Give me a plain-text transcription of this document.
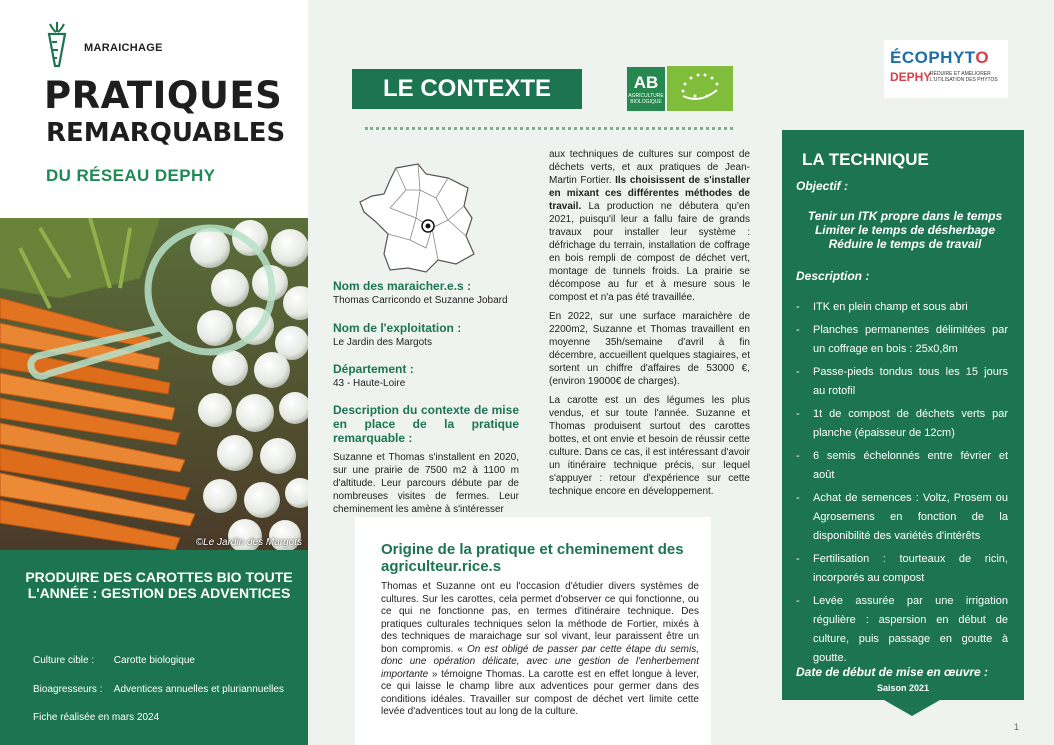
MARAICHAGE
PRATIQUES
REMARQUABLES
DU RÉSEAU DEPHY
©Le Jardin des Margots
PRODUIRE DES CAROTTES BIO TOUTE L'ANNÉE : GESTION DES ADVENTICES
Culture cible : Carotte biologique
Bioagresseurs : Adventices annuelles et pluriannuelles
Fiche réalisée en mars 2024
LE CONTEXTE	AB
AGRICULTURE BIOLOGIQUE
ÉCOPHYTO
DEPHY
RÉDUIRE ET AMÉLIORER L'UTILISATION DES PHYTOS
Nom des maraicher.e.s :
Thomas Carricondo et Suzanne Jobard
Nom de l'exploitation :
Le Jardin des Margots
Département :
43 - Haute-Loire
Description du contexte de mise en place de la pratique remarquable :
Suzanne et Thomas s'installent en 2020, sur une prairie de 7500 m2 à 1100 m d'altitude. Leur parcours débute par de nombreuses visites de fermes. Leur cheminement les amène à s'intéresser

aux techniques de cultures sur compost de déchets verts, et aux pratiques de Jean-Martin Fortier. Ils choisissent de s'installer en mixant ces différentes méthodes de travail. La production ne débutera qu'en 2021, puisqu'il leur a fallu faire de grands travaux pour installer leur système : défrichage du terrain, installation de coffrage en bois rempli de compost de déchet vert, montage de tunnels froids. La prairie se décompose au fur et à mesure sous le compost et n'a pas été travaillée.

En 2022, sur une surface maraichère de 2200m2, Suzanne et Thomas travaillent en moyenne 35h/semaine d'avril à fin décembre, accueillent quelques stagiaires, et sortent un chiffre d'affaires de 53000 €, (environ 19000€ de charges).

La carotte est un des légumes les plus vendus, et sur toute l'année. Suzanne et Thomas produisent surtout des carottes bottes, et ont envie et besoin de réussir cette culture. Dans ce cas, il est intéressant d'avoir un itinéraire technique précis, sur lequel s'appuyer : retour d'expérience sur cette technique encore en développement.

Origine de la pratique et cheminement des agriculteur.rice.s
Thomas et Suzanne ont eu l'occasion d'étudier divers systèmes de cultures. Sur les carottes, cela permet d'observer ce qui fonctionne, ou ce qui ne fonctionne pas, en termes d'itinéraire technique. Des pratiques culturales techniques selon la méthode de Fortier, mixés à des techniques de maraichage sur sol vivant, leur paraissent être un bon compromis. « On est obligé de passer par cette étape du semis, donc une opération délicate, avec une gestion de l'enherbement importante » témoigne Thomas. La carotte est en effet longue à lever, ce qui laisse le champ libre aux adventices pour germer dans des conditions idéales. Travailler sur compost de déchet vert limite cette levée d'adventices tout au long de la culture.
LA TECHNIQUE
Objectif :
Tenir un ITK propre dans le temps
Limiter le temps de désherbage
Réduire le temps de travail
Description :
- ITK en plein champ et sous abri
- Planches permanentes délimitées par un coffrage en bois : 25x0,8m
- Passe-pieds tondus tous les 15 jours au rotofil
- 1t de compost de déchets verts par planche (épaisseur de 12cm)
- 6 semis échelonnés entre février et août
- Achat de semences : Voltz, Prosem ou Agrosemens en fonction de la disponibilité des variétés d'intérêts
- Fertilisation : tourteaux de ricin, incorporés au compost
- Levée assurée par une irrigation régulière : aspersion en début de culture, puis passage en goutte à goutte.
Date de début de mise en œuvre :
Saison 2021
1
